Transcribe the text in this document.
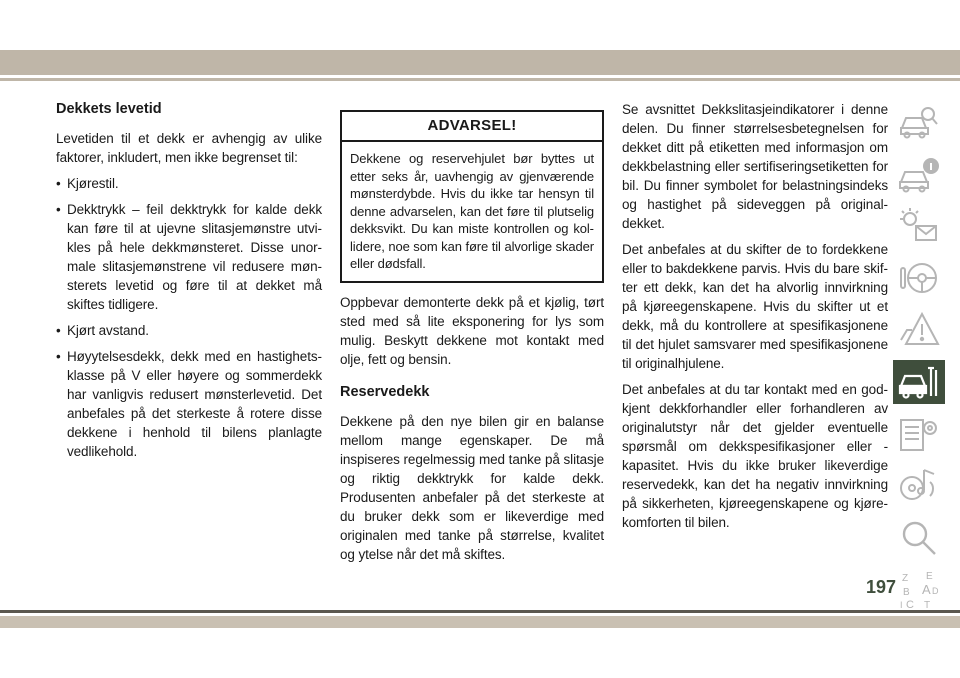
Dekkets levetid

Levetiden til et dekk er avhengig av ulike faktorer, inkludert, men ikke begrenset til:

• Kjørestil.
• Dekktrykk – feil dekktrykk for kalde dekk kan føre til at ujevne slitasjemønstre utvikles på hele dekkmønsteret. Disse unormale slitasjemønstrene vil redusere mønsterets levetid og føre til at dekket må skiftes tidligere.
• Kjørt avstand.
• Høyytelsesdekk, dekk med en hastighetsklasse på V eller høyere og sommerdekk har vanligvis redusert mønsterlevetid. Det anbefales på det sterkeste å rotere disse dekkene i henhold til bilens planlagte vedlikehold.
ADVARSEL!
Dekkene og reservehjulet bør byttes ut etter seks år, uavhengig av gjenværende mønsterdybde. Hvis du ikke tar hensyn til denne advarselen, kan det føre til plutselig dekksvikt. Du kan miste kontrollen og kollidere, noe som kan føre til alvorlige skader eller dødsfall.

Oppbevar demonterte dekk på et kjølig, tørt sted med så lite eksponering for lys som mulig. Beskytt dekkene mot kontakt med olje, fett og bensin.

Reservedekk

Dekkene på den nye bilen gir en balanse mellom mange egenskaper. De må inspiseres regelmessig med tanke på slitasje og riktig dekktrykk for kalde dekk. Produsenten anbefaler på det sterkeste at du bruker dekk som er likeverdige med originalen med tanke på størrelse, kvalitet og ytelse når det må skiftes.

Se avsnittet Dekkslitasjeindikatorer i denne delen. Du finner størrelsesbetegnelsen for dekket ditt på etiketten med informasjon om dekkbelastning eller sertifiseringsetiketten for bil. Du finner symbolet for belastningsindeks og hastighet på sideveggen på originaldekket.

Det anbefales at du skifter de to fordekkene eller to bakdekkene parvis. Hvis du bare skifter ett dekk, kan det ha alvorlig innvirkning på kjøreegenskapene. Hvis du skifter ut et dekk, må du kontrollere at spesifikasjonene til det hjulet samsvarer med spesifikasjonene til originalhjulene.

Det anbefales at du tar kontakt med en godkjent dekkforhandler eller forhandleren av originalutstyr når det gjelder eventuelle spørsmål om dekkspesifikasjoner eller -kapasitet. Hvis du ikke bruker likeverdige reservedekk, kan det ha negativ innvirkning på sikkerheten, kjøreegenskapene og kjørekomforten til bilen.

Z E
B A D
C T
I
197
